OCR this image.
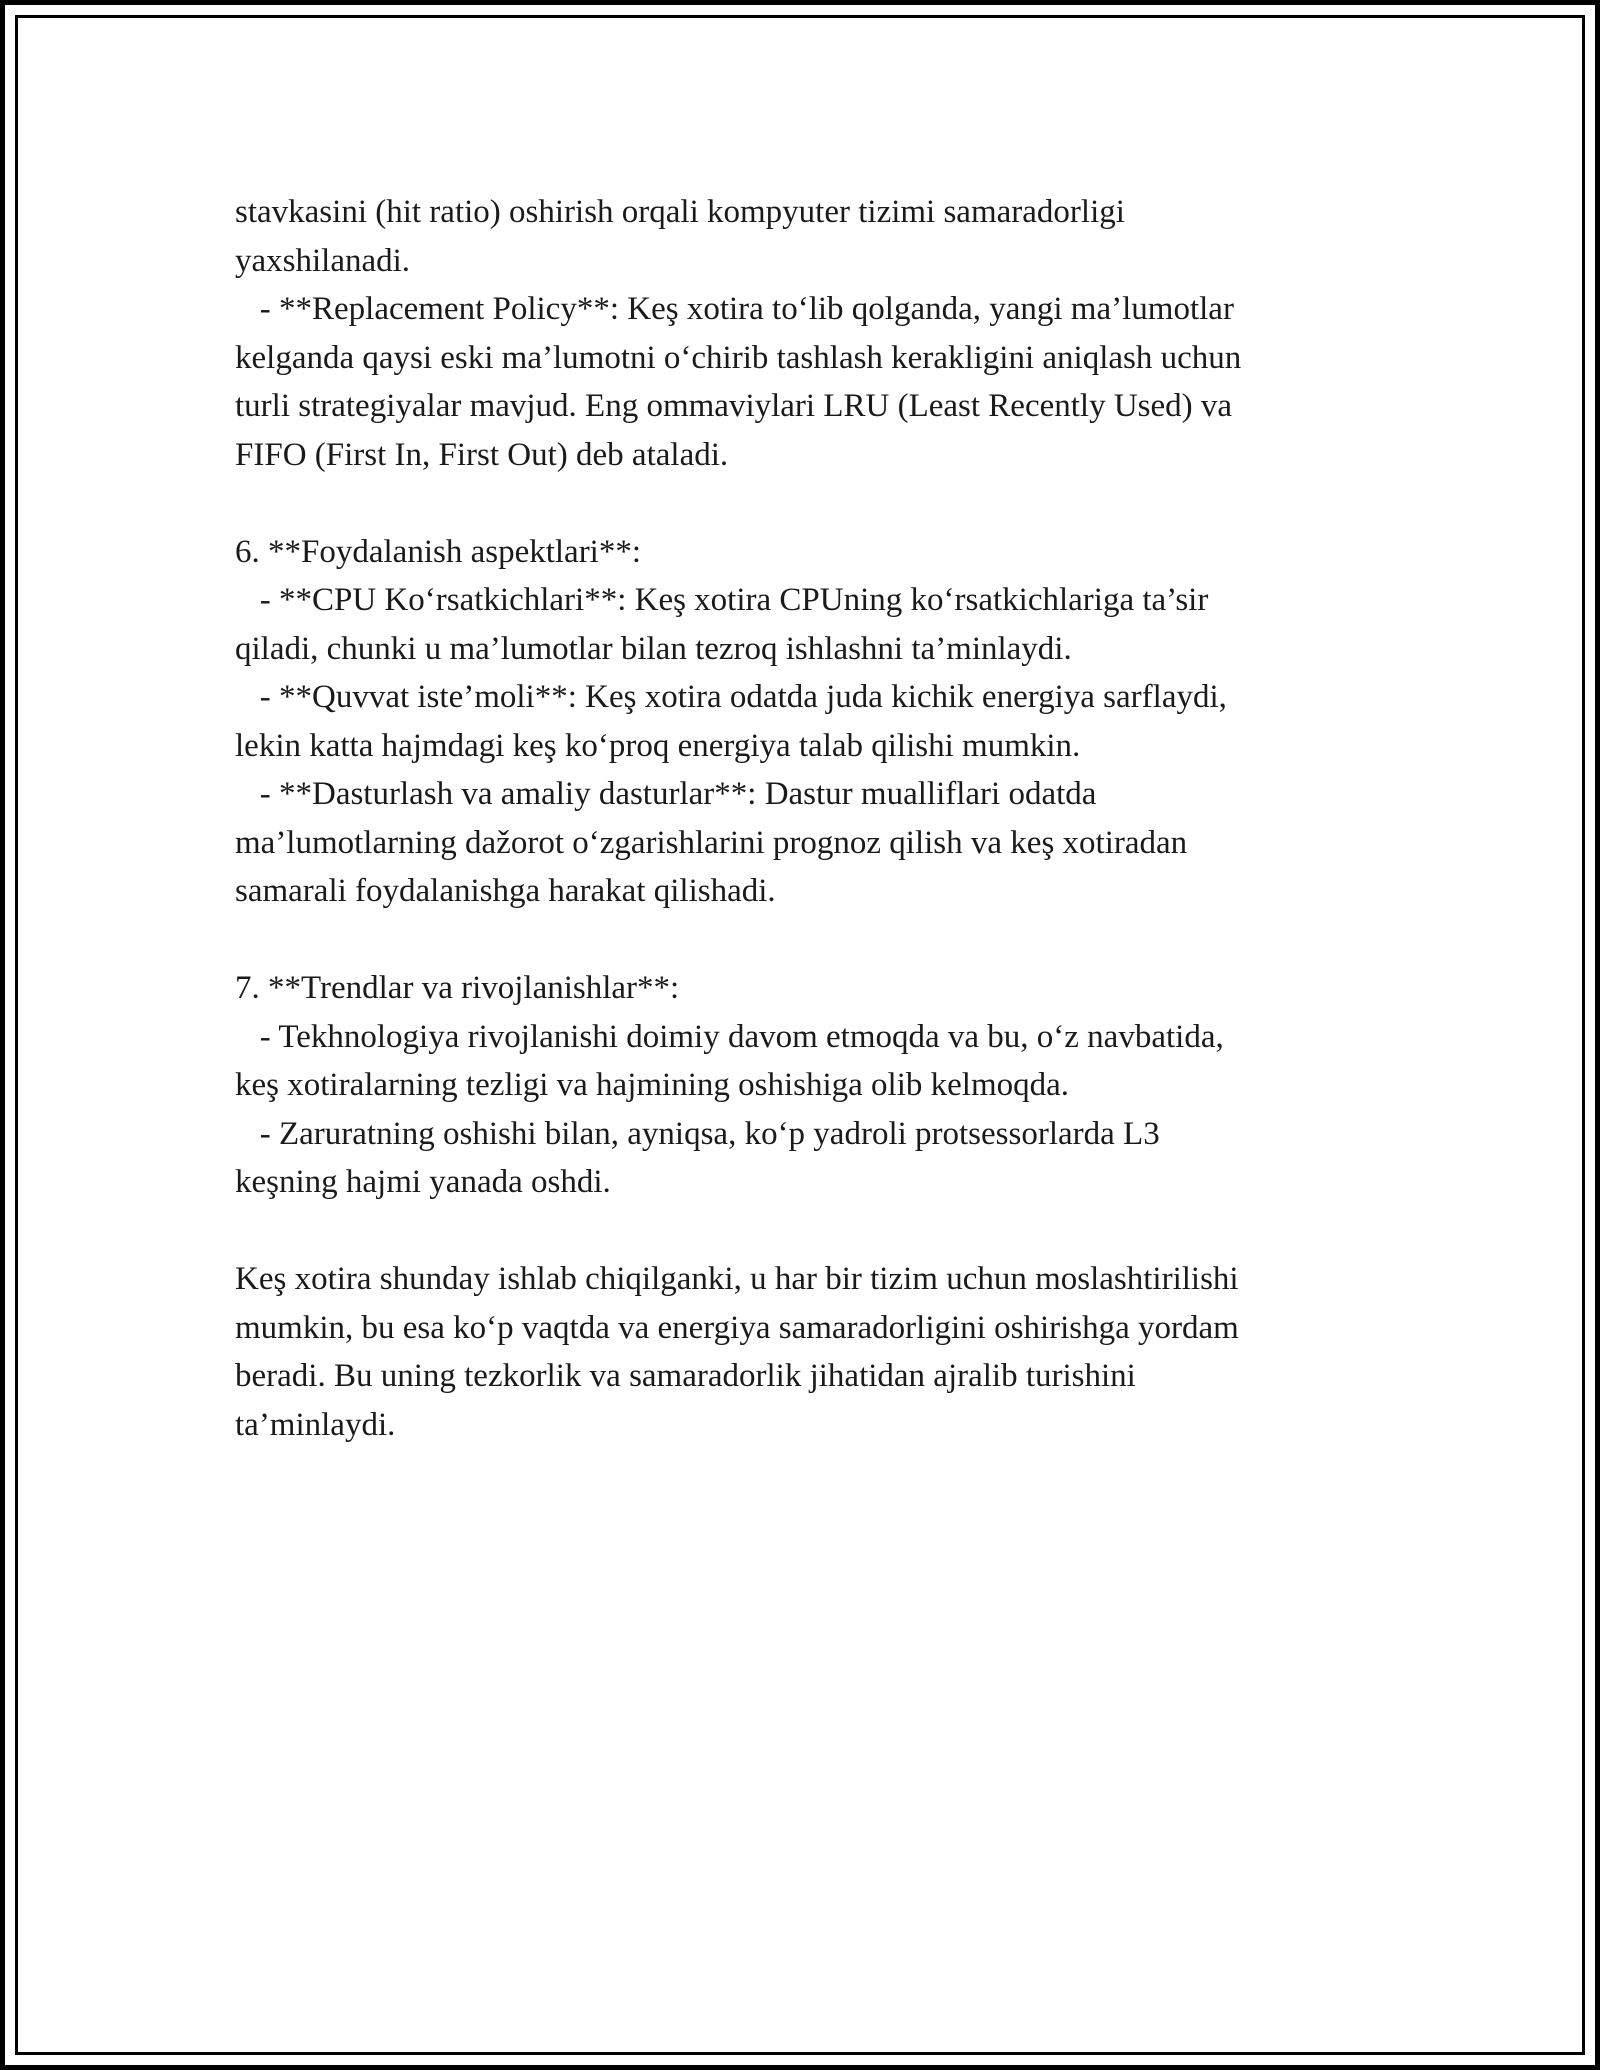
stavkasini (hit ratio) oshirish orqali kompyuter tizimi samaradorligi
yaxshilanadi.
- **Replacement Policy**: Keş xotira to‘lib qolganda, yangi ma’lumotlar
kelganda qaysi eski ma’lumotni o‘chirib tashlash kerakligini aniqlash uchun
turli strategiyalar mavjud. Eng ommaviylari LRU (Least Recently Used) va
FIFO (First In, First Out) deb ataladi.
6. **Foydalanish aspektlari**:
- **CPU Ko‘rsatkichlari**: Keş xotira CPUning ko‘rsatkichlariga ta’sir
qiladi, chunki u ma’lumotlar bilan tezroq ishlashni ta’minlaydi.
- **Quvvat iste’moli**: Keş xotira odatda juda kichik energiya sarflaydi,
lekin katta hajmdagi keş ko‘proq energiya talab qilishi mumkin.
- **Dasturlash va amaliy dasturlar**: Dastur mualliflari odatda
ma’lumotlarning dažorot o‘zgarishlarini prognoz qilish va keş xotiradan
samarali foydalanishga harakat qilishadi.
7. **Trendlar va rivojlanishlar**:
- Tekhnologiya rivojlanishi doimiy davom etmoqda va bu, o‘z navbatida,
keş xotiralarning tezligi va hajmining oshishiga olib kelmoqda.
- Zaruratning oshishi bilan, ayniqsa, ko‘p yadroli protsessorlarda L3
keşning hajmi yanada oshdi.
Keş xotira shunday ishlab chiqilganki, u har bir tizim uchun moslashtirilishi
mumkin, bu esa ko‘p vaqtda va energiya samaradorligini oshirishga yordam
beradi. Bu uning tezkorlik va samaradorlik jihatidan ajralib turishini
ta’minlaydi.
